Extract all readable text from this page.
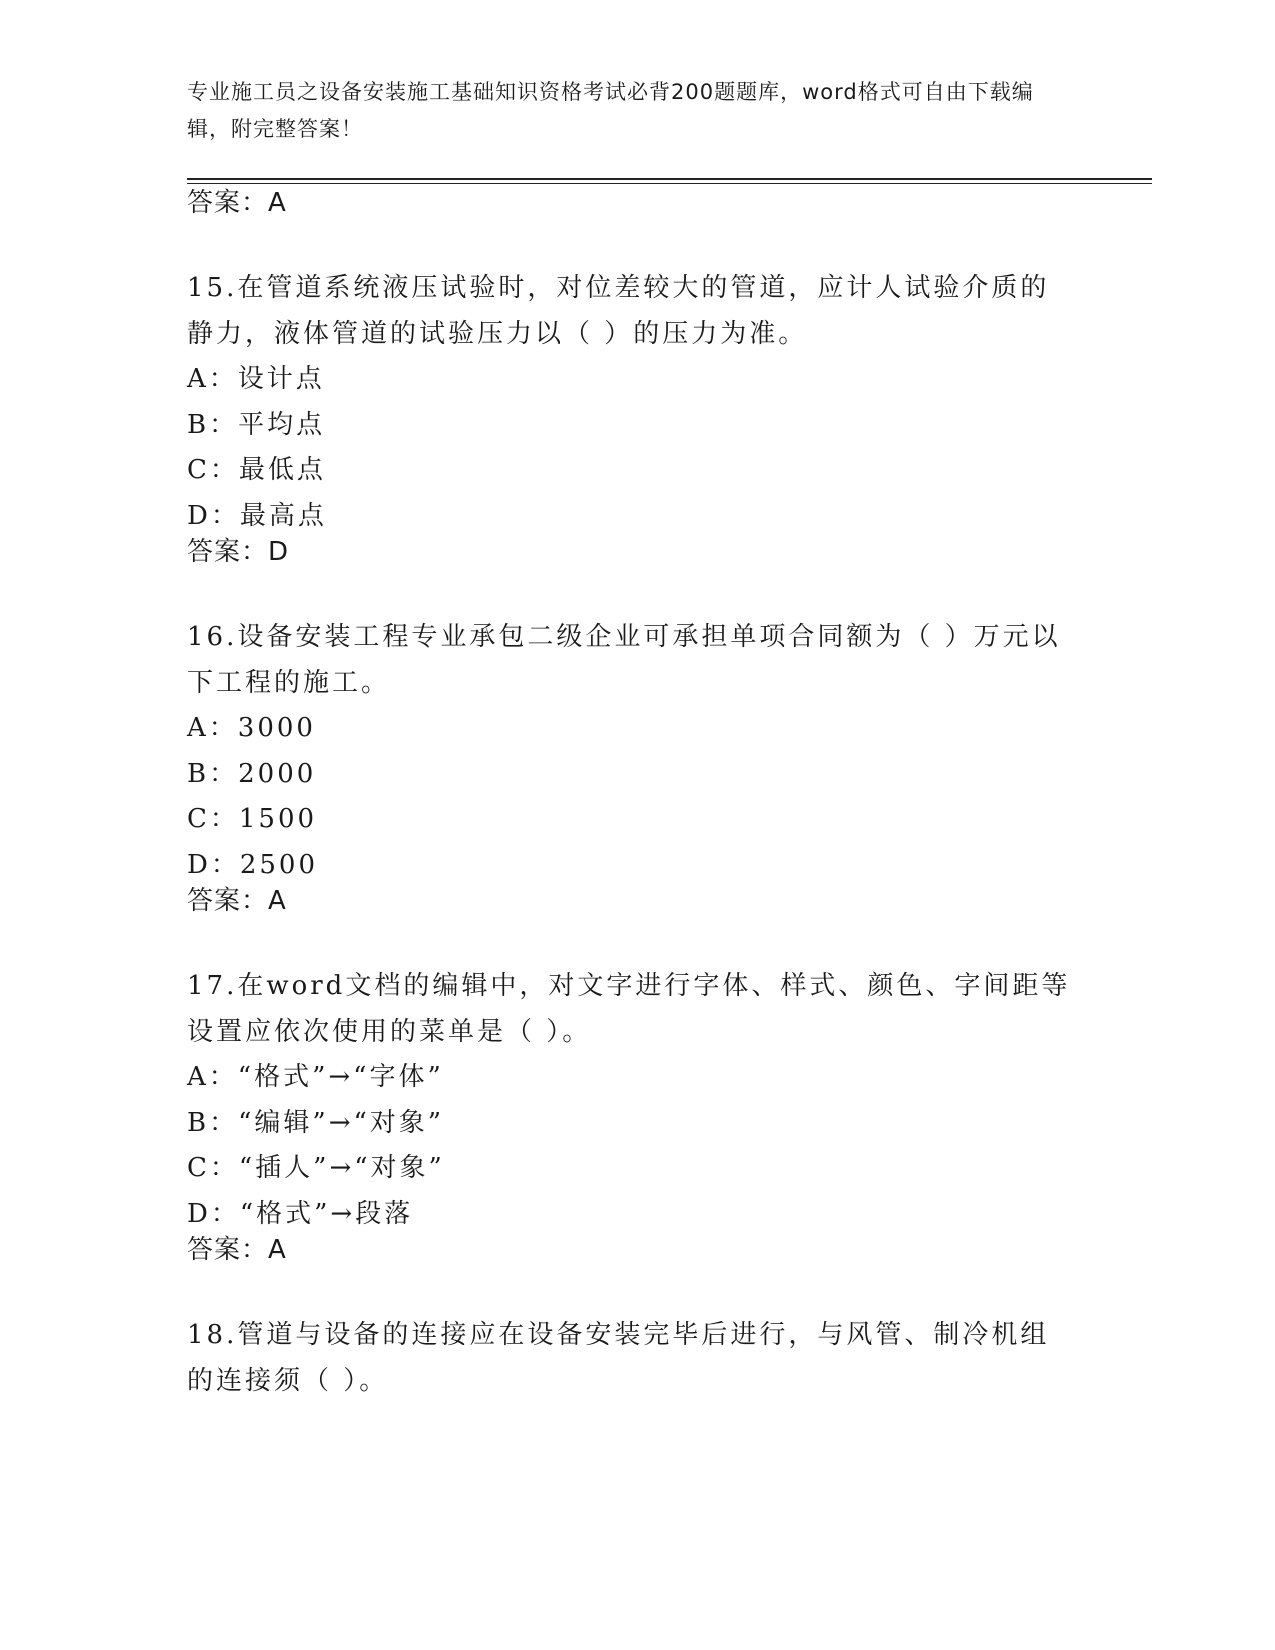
专业施工员之设备安装施工基础知识资格考试必背200题题库，word格式可自由下载编辑，附完整答案！
答案：A
15.在管道系统液压试验时，对位差较大的管道，应计人试验介质的静力，液体管道的试验压力以（ ）的压力为准。
A：设计点
B：平均点
C：最低点
D：最高点
答案：D
16.设备安装工程专业承包二级企业可承担单项合同额为（ ）万元以下工程的施工。
A：3000
B：2000
C：1500
D：2500
答案：A
17.在word文档的编辑中，对文字进行字体、样式、颜色、字间距等设置应依次使用的菜单是（ ）。
A：“格式”→“字体”
B：“编辑”→“对象”
C：“插人”→“对象”
D：“格式”→段落
答案：A
18.管道与设备的连接应在设备安装完毕后进行，与风管、制冷机组的连接须（ ）。
